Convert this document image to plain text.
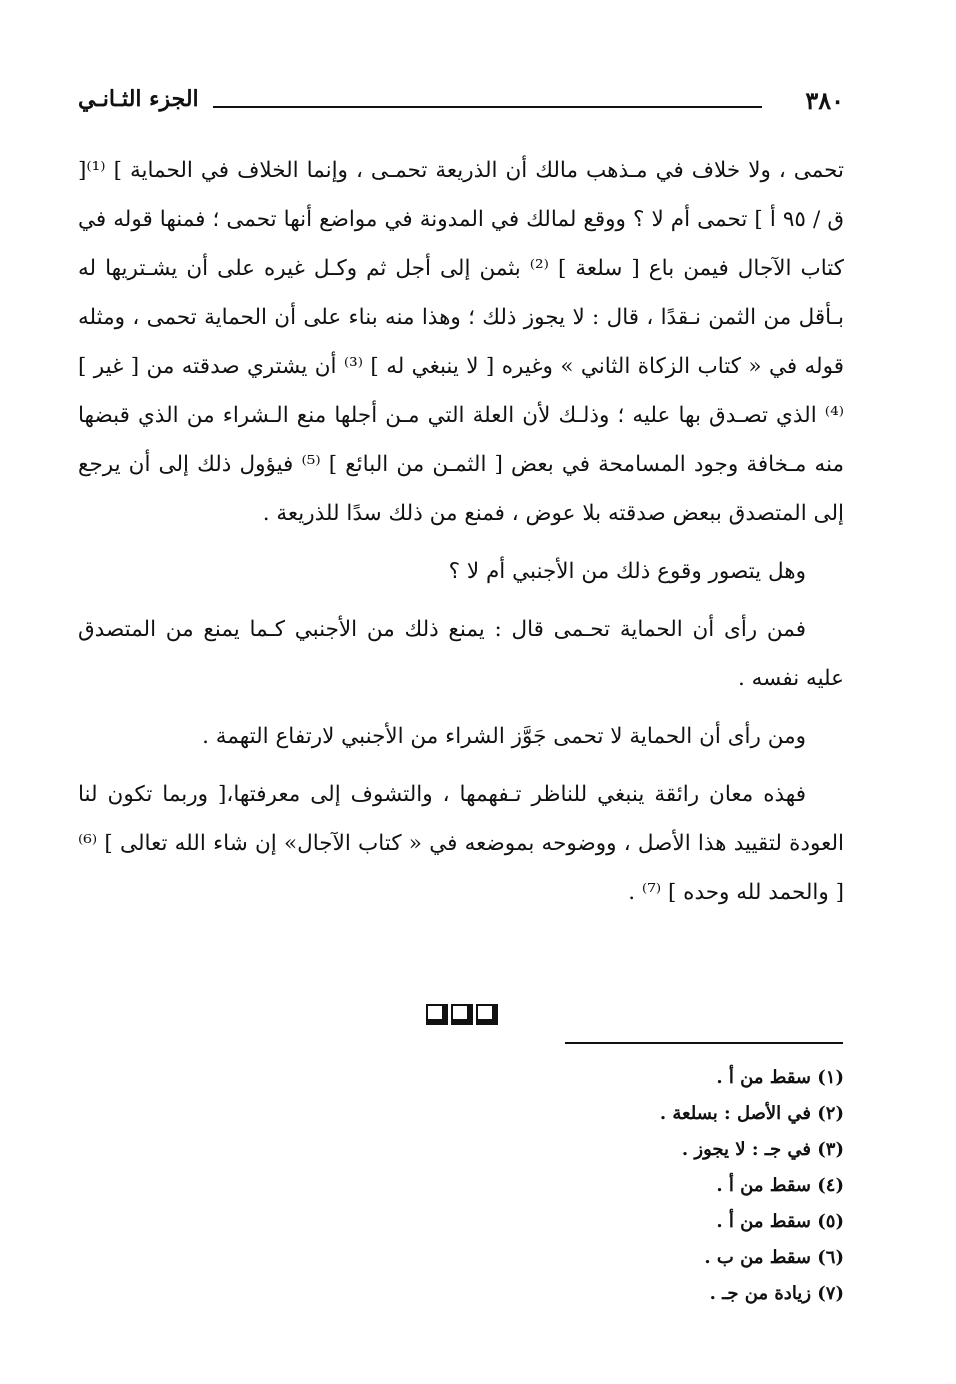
الجزء الثـانـي	٣٨٠

تحمى ، ولا خلاف في مـذهب مالك أن الذريعة تحمـى ، وإنما الخلاف في الحماية ] ⁽¹⁾[ ق / ٩٥ أ ] تحمى أم لا ؟ ووقع لمالك في المدونة في مواضع أنها تحمى ؛ فمنها قوله في كتاب الآجال فيمن باع [ سلعة ] ⁽²⁾ بثمن إلى أجل ثم وكـل غيره على أن يشـتريها له بـأقل من الثمن نـقدًا ، قال : لا يجوز ذلك ؛ وهذا منه بناء على أن الحماية تحمى ، ومثله قوله في « كتاب الزكاة الثاني » وغيره [ لا ينبغي له ] ⁽³⁾ أن يشتري صدقته من [ غير ] ⁽⁴⁾ الذي تصـدق بها عليه ؛ وذلـك لأن العلة التي مـن أجلها منع الـشراء من الذي قبضها منه مـخافة وجود المسامحة في بعض [ الثمـن من البائع ] ⁽⁵⁾ فيؤول ذلك إلى أن يرجع إلى المتصدق ببعض صدقته بلا عوض ، فمنع من ذلك سدًا للذريعة .

وهل يتصور وقوع ذلك من الأجنبي أم لا ؟

فمن رأى أن الحماية تحـمى قال : يمنع ذلك من الأجنبي كـما يمنع من المتصدق عليه نفسه .

ومن رأى أن الحماية لا تحمى جَوَّز الشراء من الأجنبي لارتفاع التهمة .

فهذه معان رائقة ينبغي للناظر تـفهمها ، والتشوف إلى معرفتها،[ وربما تكون لنا العودة لتقييد هذا الأصل ، ووضوحه بموضعه في « كتاب الآجال» إن شاء الله تعالى ] ⁽⁶⁾[ والحمد لله وحده ] ⁽⁷⁾ .

(١) سقط من أ .

(٢) في الأصل : بسلعة .

(٣) في جـ : لا يجوز .

(٤) سقط من أ .

(٥) سقط من أ .

(٦) سقط من ب .

(٧) زيادة من جـ .
